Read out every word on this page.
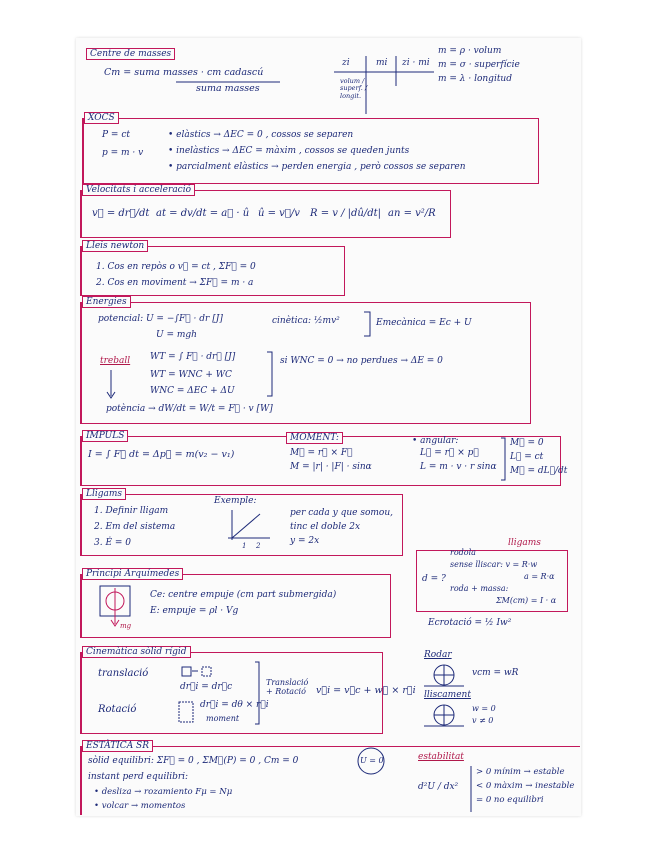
Centre de masses
Cm = suma masses · cm cadascú
suma masses
zi	mi zi · mi
volum / superf. / longit.
m = ρ · volum
m = σ · superfície
m = λ · longitud
XOCS
P = ct
p = m · v
• elàstics → ΔEC = 0 , cossos se separen
• inelàstics → ΔEC = màxim , cossos se queden junts
• parcialment elàstics → perden energia , però cossos se separen
Velocitats i acceleració
v⃗ = dr⃗/dt at = dv/dt = a⃗ · û û = v⃗/v R = v / |dû/dt| an = v²/R
Lleis newton
1. Cos en repòs o v⃗ = ct , ΣF⃗ = 0
2. Cos en moviment → ΣF⃗ = m · a
Energies
potencial: U = −∫F⃗ · dr [J]
U = mgh
cinètica: ½mv²	Emecànica = Ec + U
treball WT = ∫ F⃗ · dr⃗ [J]
WT = WNC + WC
WNC = ΔEC + ΔU
si WNC = 0 → no perdues → ΔE = 0
potència → dW/dt = W/t = F⃗ · v [W]
IMPULS
I = ∫ F⃗ dt = Δp⃗ = m(v₂ − v₁)
MOMENT:
M⃗ = r⃗ × F⃗
M = |r| · |F| · sinα
• angular:
L⃗ = r⃗ × p⃗
L = m · v · r sinα
M⃗ = 0
L⃗ = ct
M⃗ = dL⃗/dt
Lligams
1. Definir lligam
2. Em del sistema
3. Ė = 0
Exemple:
1 2
per cada y que somou,
tinc el doble 2x
y = 2x	lligams
d = ?
rodola
sense lliscar: v = R·w
a = R·α
roda + massa:
ΣM(cm) = I · α
Ecrotació = ½ Iw²
Principi Arquímedes
mg
Ce: centre empuje (cm part submergida)
E: empuje = ρl · Vg
Cinemàtica sòlid rígid
translació
dr⃗i = dr⃗c
Rotació	dr⃗i = dθ × r⃗i
moment
Translació + Rotació	v⃗i = v⃗c + w⃗ × r⃗i
Rodar
vcm = wR
lliscament
w = 0
v ≠ 0
ESTÀTICA SR
sòlid equilibri: ΣF⃗ = 0 , ΣM⃗(P) = 0 , Cm = 0
instant perd equilibri:
• desliza → rozamiento Fμ = Nμ
• volcar → momentos
U = 0	estabilitat
d²U / dx²
> 0 mínim → estable
< 0 màxim → inestable
= 0 no equilibri
